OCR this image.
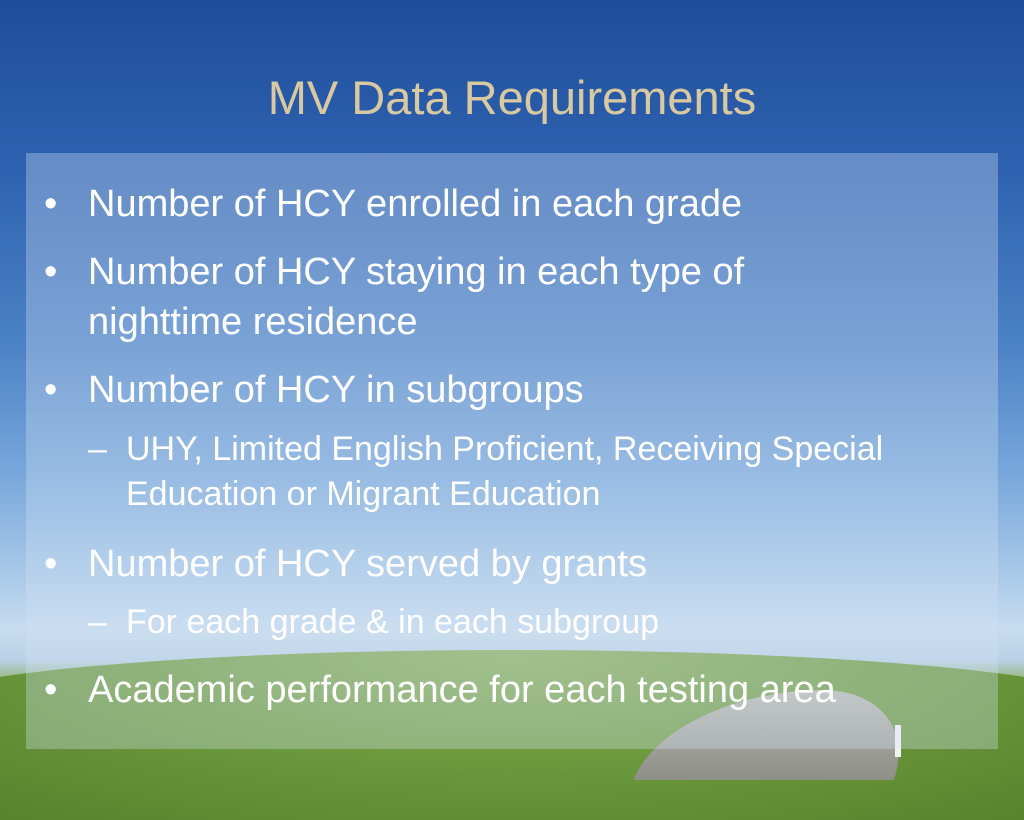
MV Data Requirements
• Number of HCY enrolled in each grade
• Number of HCY staying in each type of nighttime residence
• Number of HCY in subgroups
– UHY, Limited English Proficient, Receiving Special Education or Migrant Education
• Number of HCY served by grants
– For each grade & in each subgroup
• Academic performance for each testing area
